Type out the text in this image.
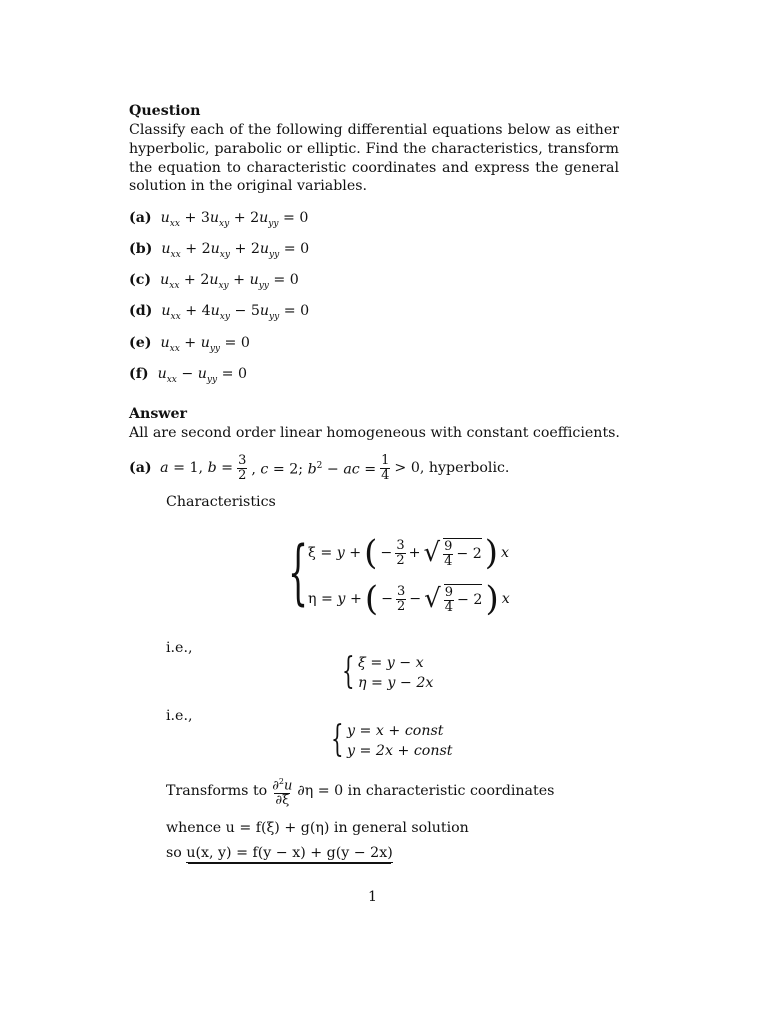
Question
Classify each of the following differential equations below as either hyperbolic, parabolic or elliptic. Find the characteristics, transform the equation to characteristic coordinates and express the general solution in the original variables.
(a) $u_{xx} + 3u_{xy} + 2u_{yy} = 0$
(b) $u_{xx} + 2u_{xy} + 2u_{yy} = 0$
(c) $u_{xx} + 2u_{xy} + u_{yy} = 0$
(d) $u_{xx} + 4u_{xy} - 5u_{yy} = 0$
(e) $u_{xx} + u_{yy} = 0$
(f) $u_{xx} - u_{yy} = 0$
Answer
All are second order linear homogeneous with constant coefficients.
(a) a = 1, $b = \frac{3}{2}$ , c = 2; $b^2$ − ac = $\frac{1}{4} > 0$, hyperbolic.
Characteristics
{ ξ = y + ( − $\frac{3}{2}$ + √ $\frac{9}{4} - 2$ ) x
η = y + ( − $\frac{3}{2}$ − √ $\frac{9}{4} - 2$ ) x
i.e.,
{ ξ = y − x
η = y − 2x
i.e.,
{ y = x + const
y = 2x + const
Transforms to $\frac{\partial^2u}{\partial\xi} \partial\eta = 0$ in characteristic coordinates
whence u = f(ξ) + g(η) in general solution
so u(x, y) = f(y − x) + g(y − 2x)
1
